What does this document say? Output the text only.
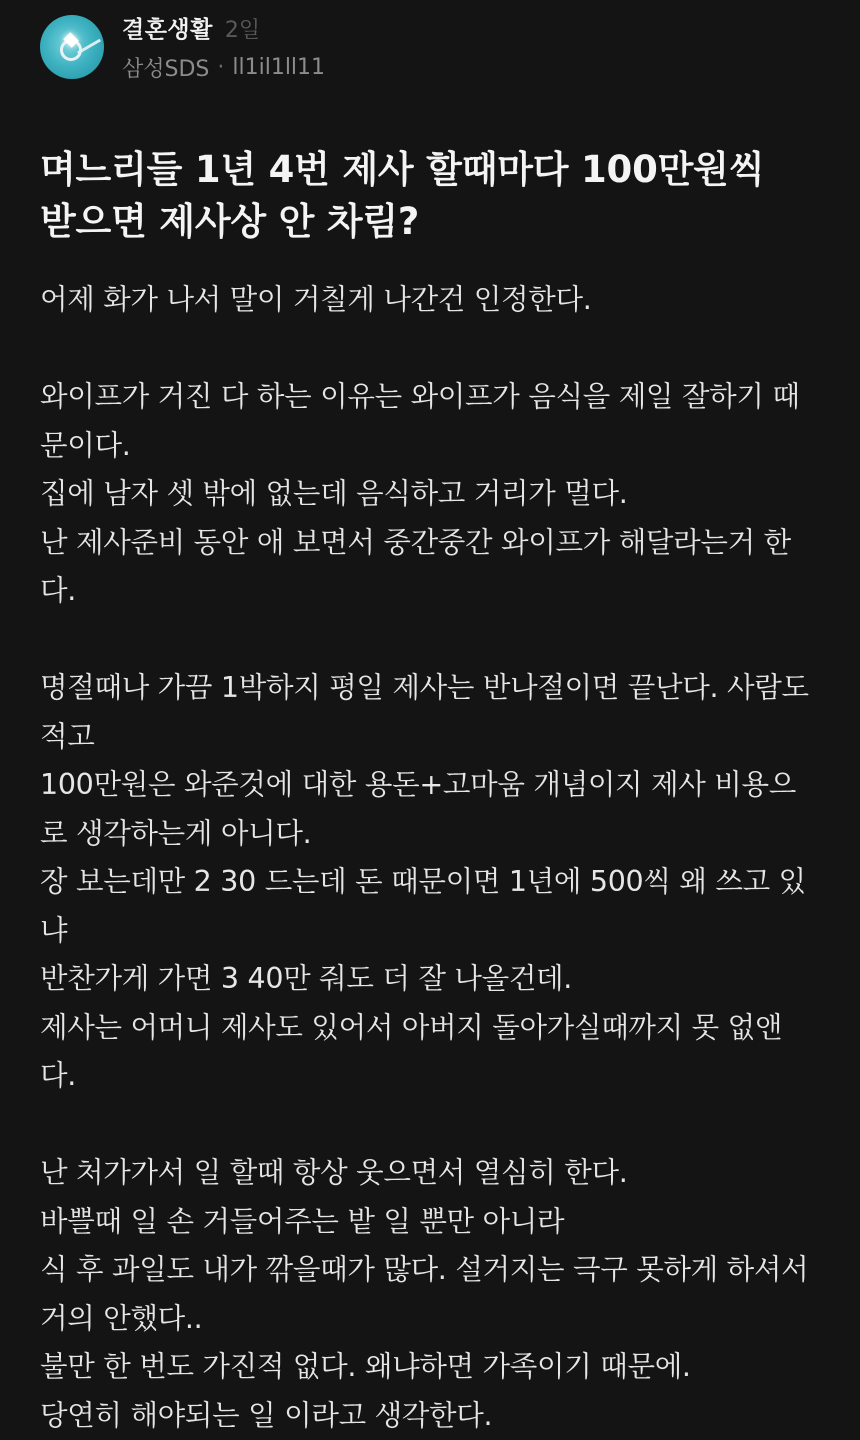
결혼생활 2일
삼성SDS · ll1il1ll11
며느리들 1년 4번 제사 할때마다 100만원씩
받으면 제사상 안 차림?
어제 화가 나서 말이 거칠게 나간건 인정한다.
와이프가 거진 다 하는 이유는 와이프가 음식을 제일 잘하기 때
문이다.
집에 남자 셋 밖에 없는데 음식하고 거리가 멀다.
난 제사준비 동안 애 보면서 중간중간 와이프가 해달라는거 한
다.
명절때나 가끔 1박하지 평일 제사는 반나절이면 끝난다. 사람도
적고
100만원은 와준것에 대한 용돈+고마움 개념이지 제사 비용으
로 생각하는게 아니다.
장 보는데만 2 30 드는데 돈 때문이면 1년에 500씩 왜 쓰고 있
냐
반찬가게 가면 3 40만 줘도 더 잘 나올건데.
제사는 어머니 제사도 있어서 아버지 돌아가실때까지 못 없앤
다.
난 처가가서 일 할때 항상 웃으면서 열심히 한다.
바쁠때 일 손 거들어주는 밭 일 뿐만 아니라
식 후 과일도 내가 깎을때가 많다. 설거지는 극구 못하게 하셔서
거의 안했다..
불만 한 번도 가진적 없다. 왜냐하면 가족이기 때문에.
당연히 해야되는 일 이라고 생각한다.
